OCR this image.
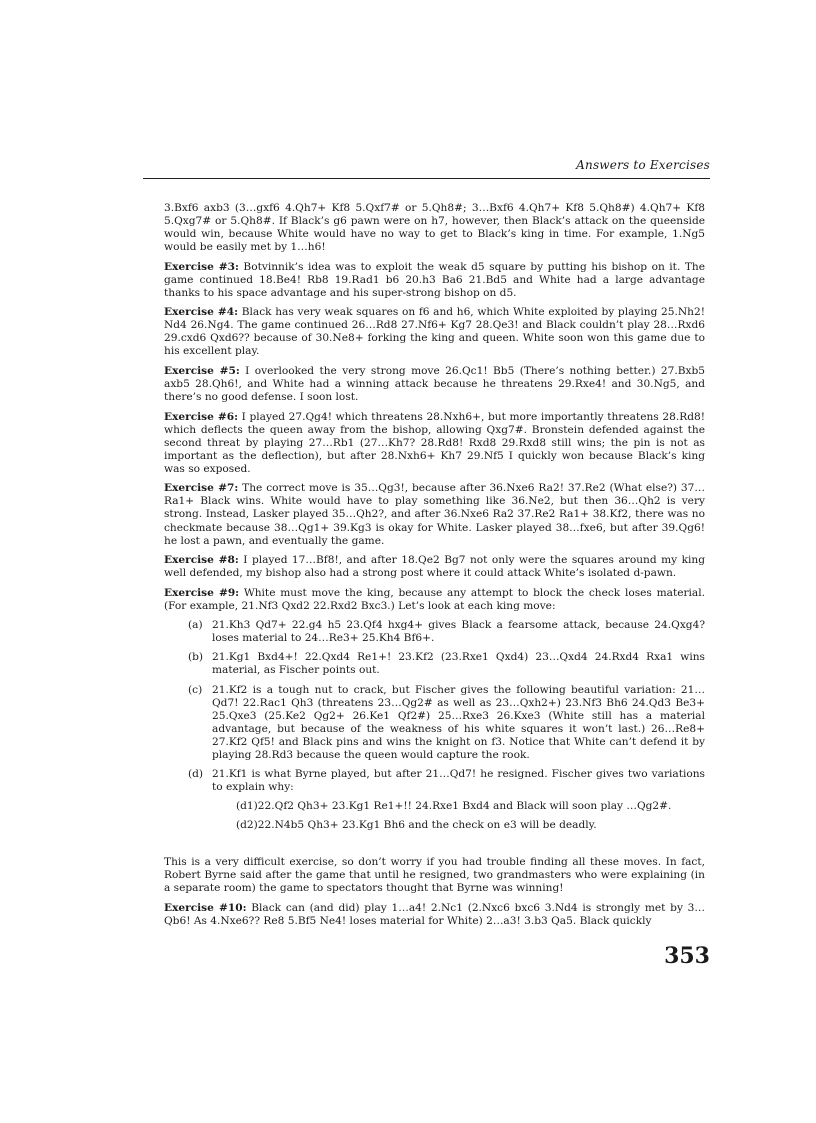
Answers to Exercises

3.Bxf6 axb3 (3…gxf6 4.Qh7+ Kf8 5.Qxf7# or 5.Qh8#; 3…Bxf6 4.Qh7+ Kf8 5.Qh8#) 4.Qh7+ Kf8 5.Qxg7# or 5.Qh8#. If Black’s g6 pawn were on h7, however, then Black’s attack on the queenside would win, because White would have no way to get to Black’s king in time. For example, 1.Ng5 would be easily met by 1…h6!

Exercise #3: Botvinnik’s idea was to exploit the weak d5 square by putting his bishop on it. The game continued 18.Be4! Rb8 19.Rad1 b6 20.h3 Ba6 21.Bd5 and White had a large advantage thanks to his space advantage and his super-strong bishop on d5.

Exercise #4: Black has very weak squares on f6 and h6, which White exploited by playing 25.Nh2! Nd4 26.Ng4. The game continued 26…Rd8 27.Nf6+ Kg7 28.Qe3! and Black couldn’t play 28…Rxd6 29.cxd6 Qxd6?? because of 30.Ne8+ forking the king and queen. White soon won this game due to his excellent play.

Exercise #5: I overlooked the very strong move 26.Qc1! Bb5 (There’s nothing better.) 27.Bxb5 axb5 28.Qh6!, and White had a winning attack because he threatens 29.Rxe4! and 30.Ng5, and there’s no good defense. I soon lost.

Exercise #6: I played 27.Qg4! which threatens 28.Nxh6+, but more importantly threatens 28.Rd8! which deflects the queen away from the bishop, allowing Qxg7#. Bronstein defended against the second threat by playing 27…Rb1 (27…Kh7? 28.Rd8! Rxd8 29.Rxd8 still wins; the pin is not as important as the deflection), but after 28.Nxh6+ Kh7 29.Nf5 I quickly won because Black’s king was so exposed.

Exercise #7: The correct move is 35…Qg3!, because after 36.Nxe6 Ra2! 37.Re2 (What else?) 37…Ra1+ Black wins. White would have to play something like 36.Ne2, but then 36…Qh2 is very strong. Instead, Lasker played 35…Qh2?, and after 36.Nxe6 Ra2 37.Re2 Ra1+ 38.Kf2, there was no checkmate because 38…Qg1+ 39.Kg3 is okay for White. Lasker played 38…fxe6, but after 39.Qg6! he lost a pawn, and eventually the game.

Exercise #8: I played 17…Bf8!, and after 18.Qe2 Bg7 not only were the squares around my king well defended, my bishop also had a strong post where it could attack White’s isolated d-pawn.

Exercise #9: White must move the king, because any attempt to block the check loses material. (For example, 21.Nf3 Qxd2 22.Rxd2 Bxc3.) Let’s look at each king move:

(a) 21.Kh3 Qd7+ 22.g4 h5 23.Qf4 hxg4+ gives Black a fearsome attack, because 24.Qxg4? loses material to 24…Re3+ 25.Kh4 Bf6+.
(b) 21.Kg1 Bxd4+! 22.Qxd4 Re1+! 23.Kf2 (23.Rxe1 Qxd4) 23…Qxd4 24.Rxd4 Rxa1 wins material, as Fischer points out.
(c) 21.Kf2 is a tough nut to crack, but Fischer gives the following beautiful variation: 21…Qd7! 22.Rac1 Qh3 (threatens 23…Qg2# as well as 23…Qxh2+) 23.Nf3 Bh6 24.Qd3 Be3+ 25.Qxe3 (25.Ke2 Qg2+ 26.Ke1 Qf2#) 25…Rxe3 26.Kxe3 (White still has a material advantage, but because of the weakness of his white squares it won’t last.) 26…Re8+ 27.Kf2 Qf5! and Black pins and wins the knight on f3. Notice that White can’t defend it by playing 28.Rd3 because the queen would capture the rook.
(d) 21.Kf1 is what Byrne played, but after 21…Qd7! he resigned. Fischer gives two variations to explain why:
(d1)22.Qf2 Qh3+ 23.Kg1 Re1+!! 24.Rxe1 Bxd4 and Black will soon play …Qg2#.
(d2)22.N4b5 Qh3+ 23.Kg1 Bh6 and the check on e3 will be deadly.

This is a very difficult exercise, so don’t worry if you had trouble finding all these moves. In fact, Robert Byrne said after the game that until he resigned, two grandmasters who were explaining (in a separate room) the game to spectators thought that Byrne was winning!

Exercise #10: Black can (and did) play 1…a4! 2.Nc1 (2.Nxc6 bxc6 3.Nd4 is strongly met by 3…Qb6! As 4.Nxe6?? Re8 5.Bf5 Ne4! loses material for White) 2…a3! 3.b3 Qa5. Black quickly

353
